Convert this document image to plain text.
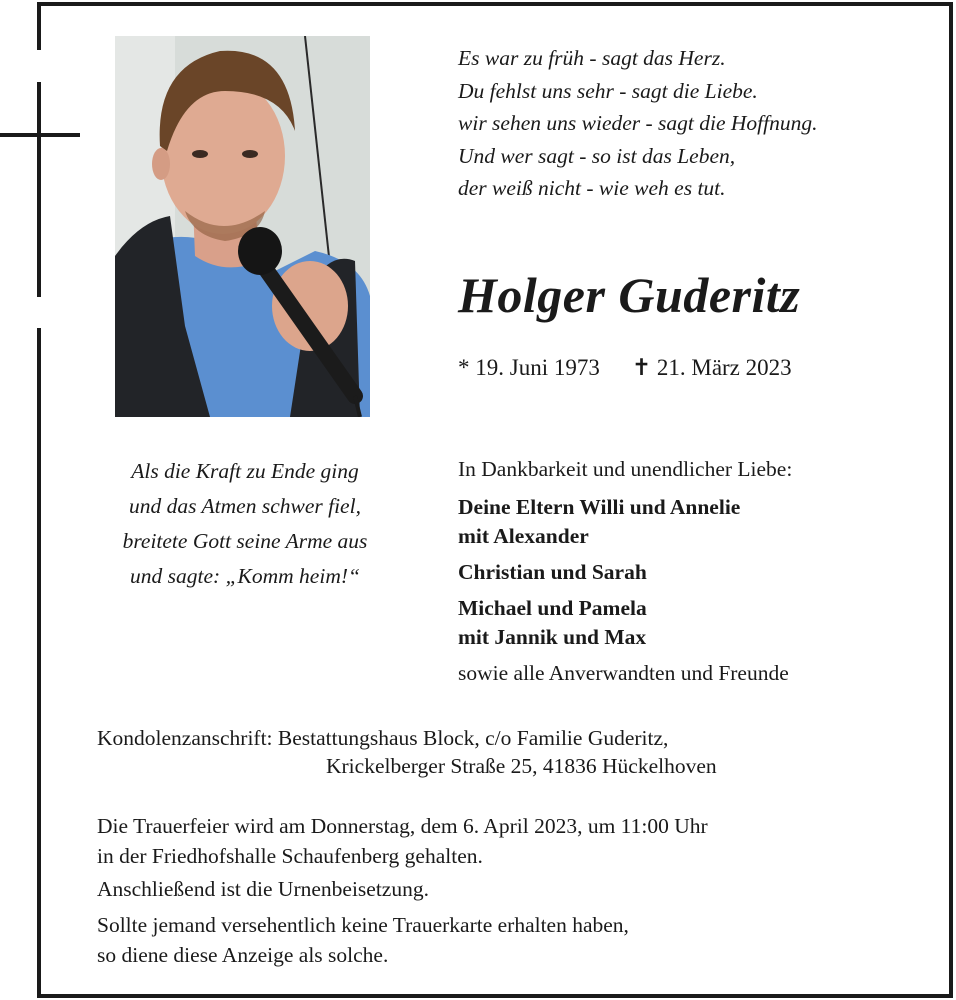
Es war zu früh - sagt das Herz.
Du fehlst uns sehr - sagt die Liebe.
wir sehen uns wieder - sagt die Hoffnung.
Und wer sagt - so ist das Leben,
der weiß nicht - wie weh es tut.
Holger Guderitz
* 19. Juni 1973 ✝ 21. März 2023
Als die Kraft zu Ende ging
und das Atmen schwer fiel,
breitete Gott seine Arme aus
und sagte: „Komm heim!“
In Dankbarkeit und unendlicher Liebe:
Deine Eltern Willi und Annelie
mit Alexander
Christian und Sarah
Michael und Pamela
mit Jannik und Max
sowie alle Anverwandten und Freunde
Kondolenzanschrift: Bestattungshaus Block, c/o Familie Guderitz,
Krickelberger Straße 25, 41836 Hückelhoven
Die Trauerfeier wird am Donnerstag, dem 6. April 2023, um 11:00 Uhr
in der Friedhofshalle Schaufenberg gehalten.
Anschließend ist die Urnenbeisetzung.
Sollte jemand versehentlich keine Trauerkarte erhalten haben,
so diene diese Anzeige als solche.
